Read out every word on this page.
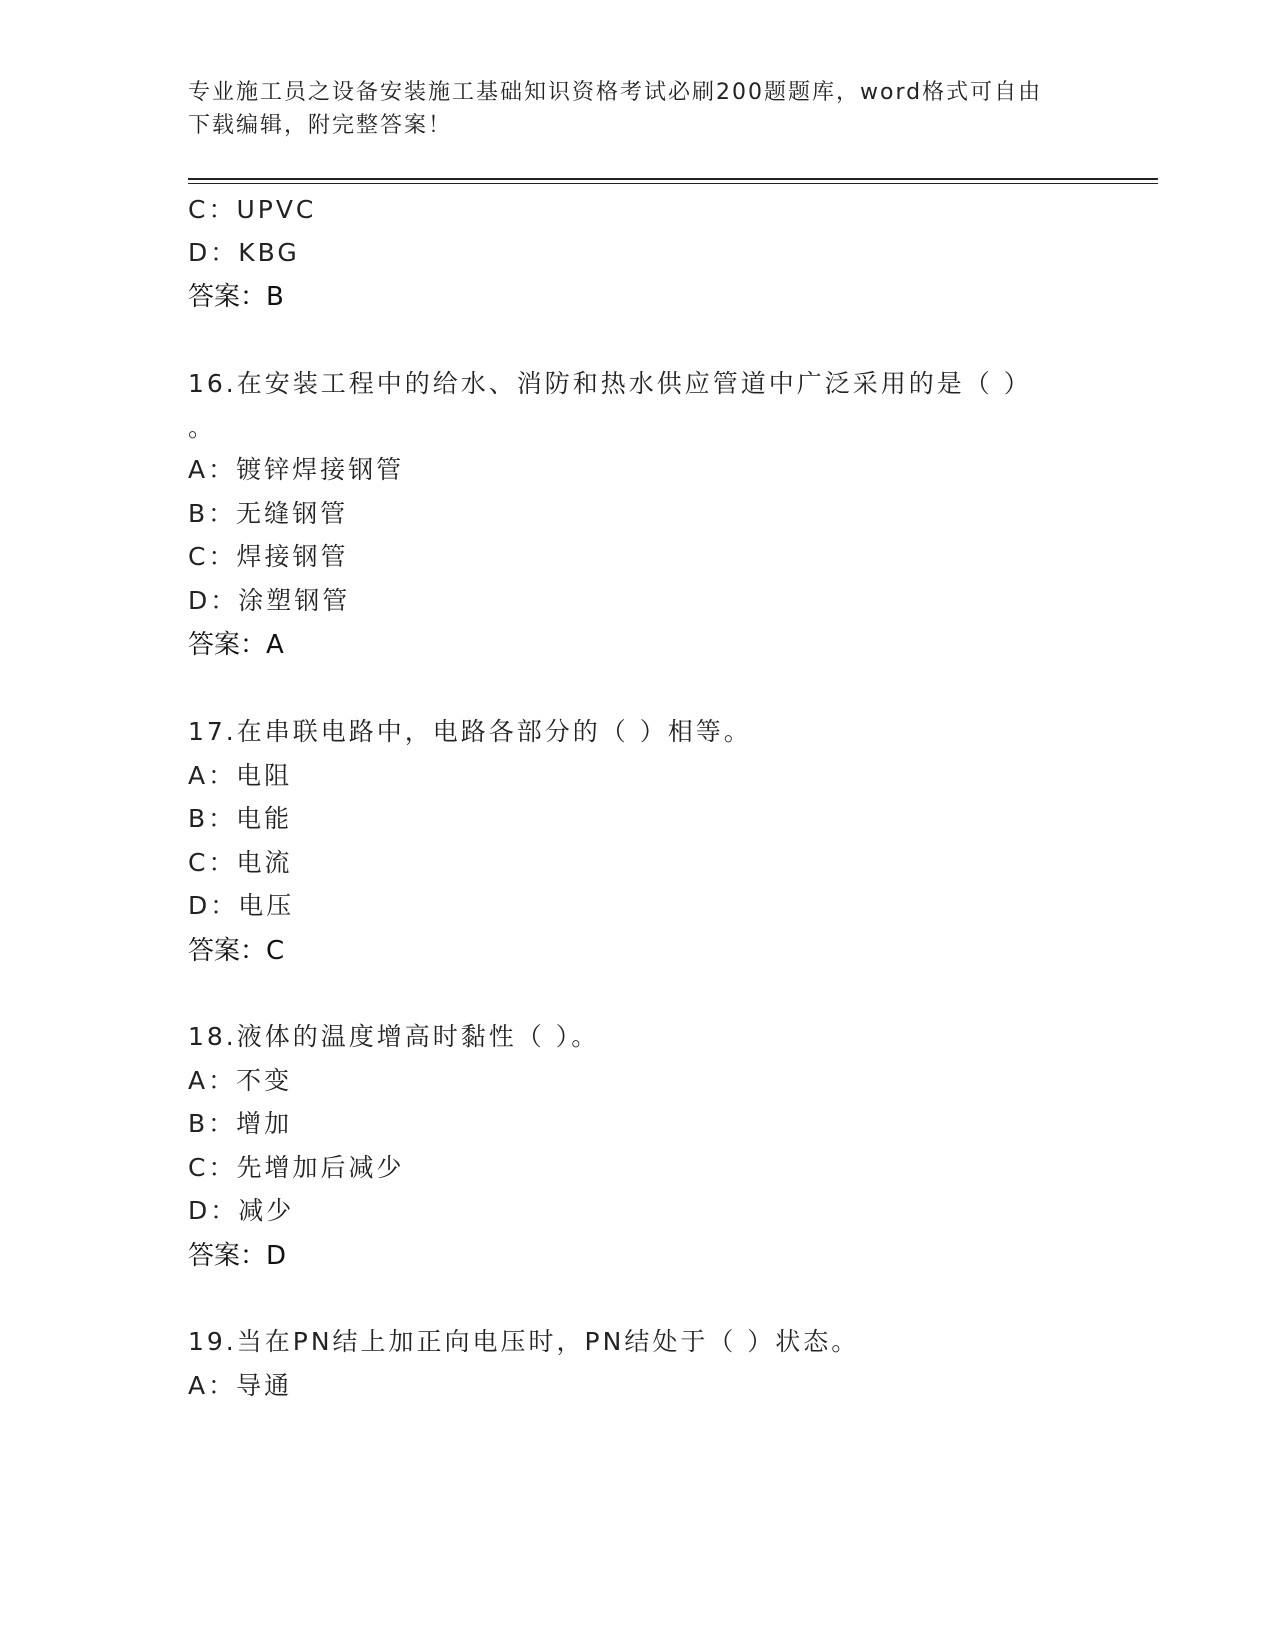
专业施工员之设备安装施工基础知识资格考试必刷200题题库，word格式可自由
下载编辑，附完整答案！
C：UPVC
D：KBG
答案：B
16.在安装工程中的给水、消防和热水供应管道中广泛采用的是（ ）
。
A：镀锌焊接钢管
B：无缝钢管
C：焊接钢管
D：涂塑钢管
答案：A
17.在串联电路中，电路各部分的（ ）相等。
A：电阻
B：电能
C：电流
D：电压
答案：C
18.液体的温度增高时黏性（ ）。
A：不变
B：增加
C：先增加后减少
D：减少
答案：D
19.当在PN结上加正向电压时，PN结处于（ ）状态。
A：导通
